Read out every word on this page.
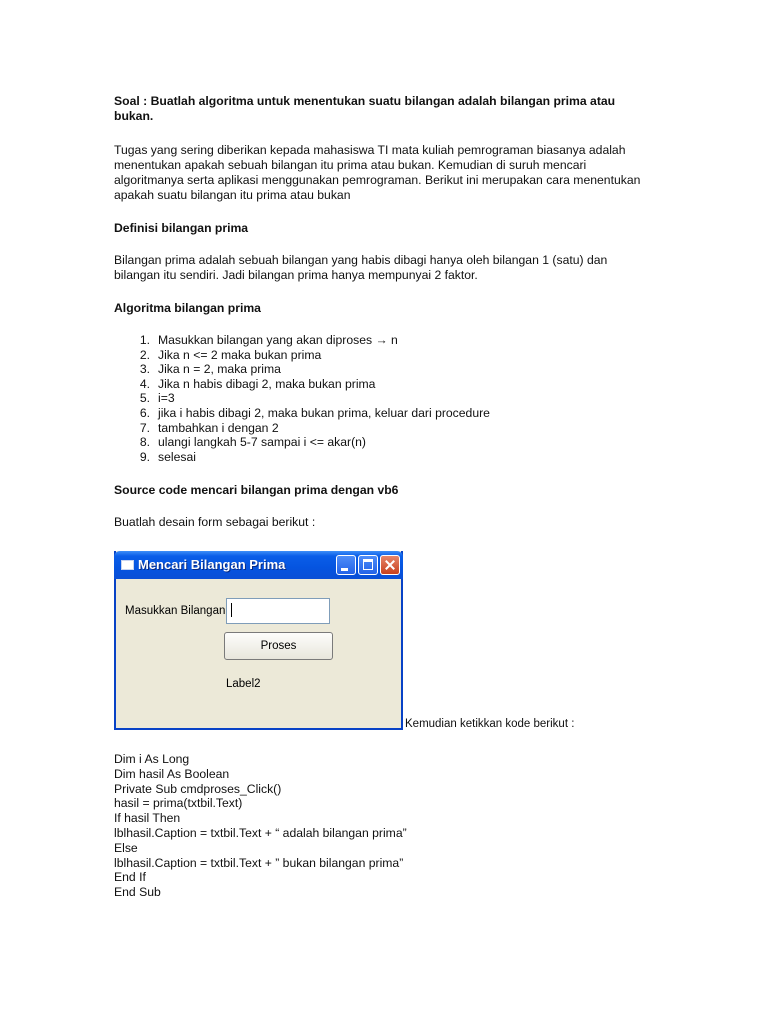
Soal : Buatlah algoritma untuk menentukan suatu bilangan adalah bilangan prima atau
bukan.

Tugas yang sering diberikan kepada mahasiswa TI mata kuliah pemrograman biasanya adalah
menentukan apakah sebuah bilangan itu prima atau bukan. Kemudian di suruh mencari
algoritmanya serta aplikasi menggunakan pemrograman. Berikut ini merupakan cara menentukan
apakah suatu bilangan itu prima atau bukan

Definisi bilangan prima

Bilangan prima adalah sebuah bilangan yang habis dibagi hanya oleh bilangan 1 (satu) dan
bilangan itu sendiri. Jadi bilangan prima hanya mempunyai 2 faktor.

Algoritma bilangan prima

1. Masukkan bilangan yang akan diproses → n
2. Jika n <= 2 maka bukan prima
3. Jika n = 2, maka prima
4. Jika n habis dibagi 2, maka bukan prima
5. i=3
6. jika i habis dibagi 2, maka bukan prima, keluar dari procedure
7. tambahkan i dengan 2
8. ulangi langkah 5-7 sampai i <= akar(n)
9. selesai

Source code mencari bilangan prima dengan vb6

Buatlah desain form sebagai berikut :

Mencari Bilangan Prima
Masukkan Bilangan
Proses
Label2
Kemudian ketikkan kode berikut :
Dim i As Long
Dim hasil As Boolean
Private Sub cmdproses_Click()
hasil = prima(txtbil.Text)
If hasil Then
lblhasil.Caption = txtbil.Text + “ adalah bilangan prima”
Else
lblhasil.Caption = txtbil.Text + ” bukan bilangan prima”
End If
End Sub
